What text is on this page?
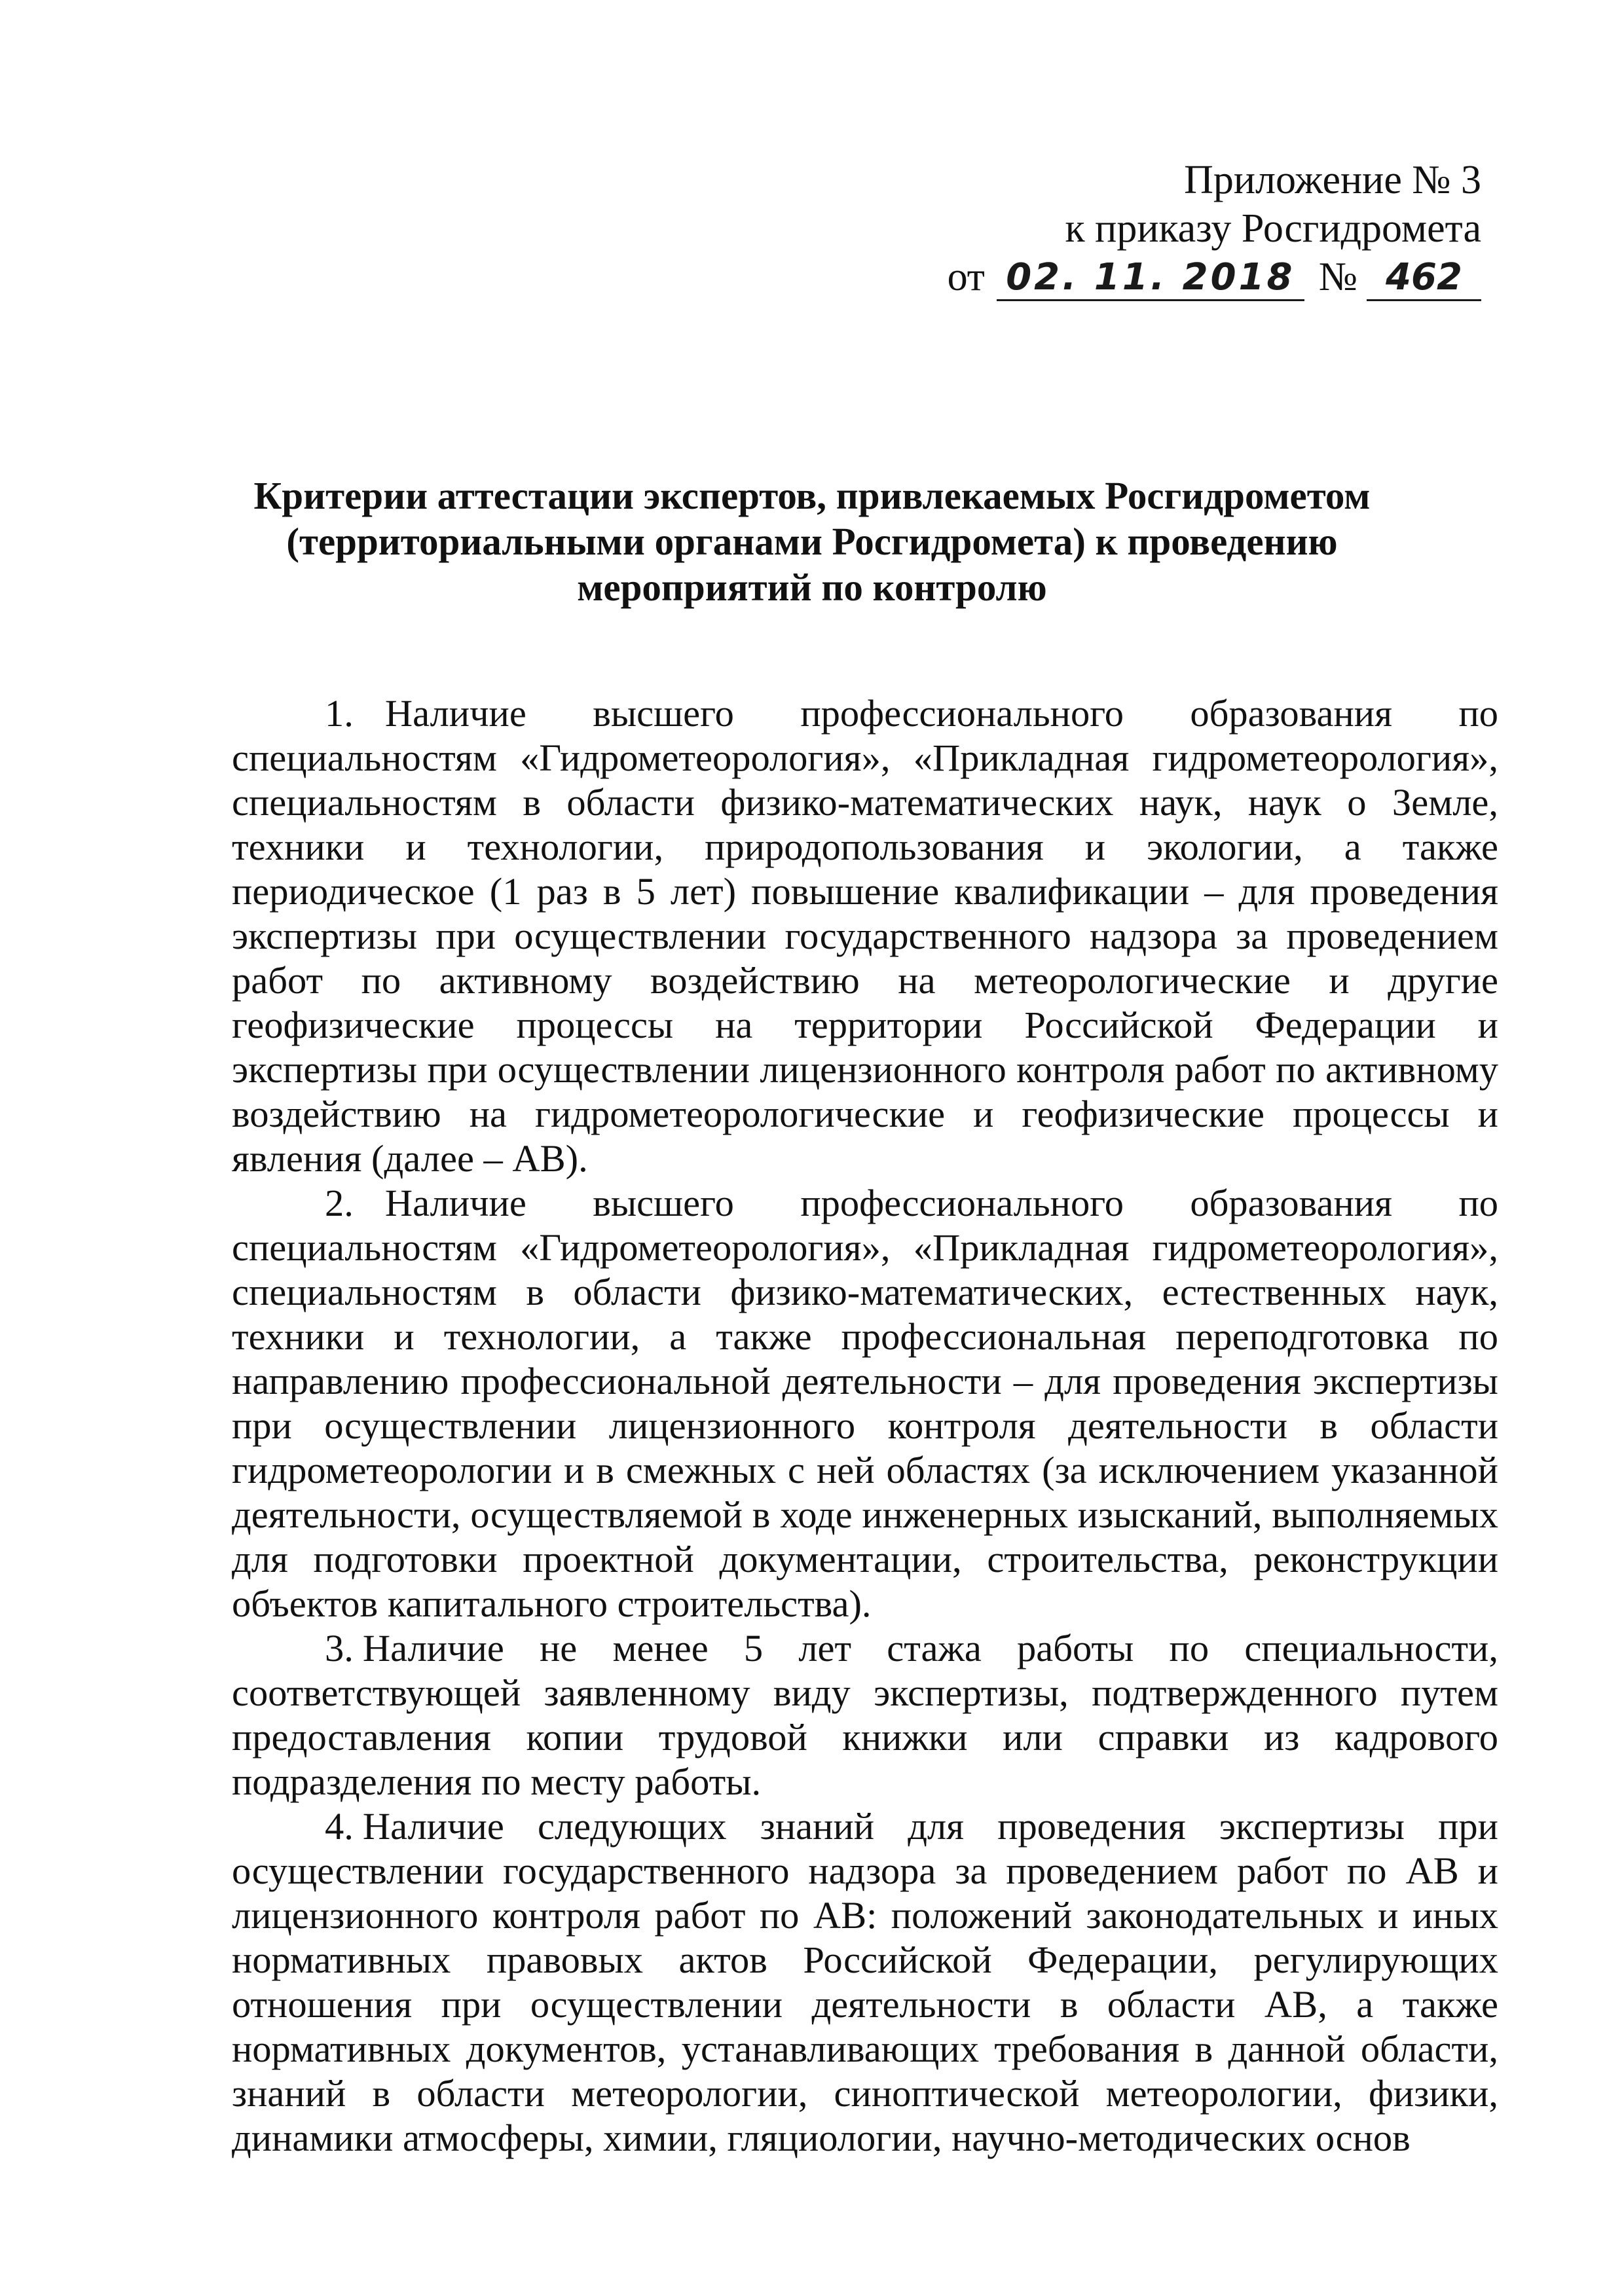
Приложение № 3
к приказу Росгидромета
от 02. 11. 2018 № 462
Критерии аттестации экспертов, привлекаемых Росгидрометом
(территориальными органами Росгидромета) к проведению
мероприятий по контролю

1. Наличие высшего профессионального образования по специальностям «Гидрометеорология», «Прикладная гидрометеорология», специальностям в области физико-математических наук, наук о Земле, техники и технологии, природопользования и экологии, а также периодическое (1 раз в 5 лет) повышение квалификации – для проведения экспертизы при осуществлении государственного надзора за проведением работ по активному воздействию на метеорологические и другие геофизические процессы на территории Российской Федерации и экспертизы при осуществлении лицензионного контроля работ по активному воздействию на гидрометеорологические и геофизические процессы и явления (далее – АВ).

2. Наличие высшего профессионального образования по специальностям «Гидрометеорология», «Прикладная гидрометеорология», специальностям в области физико-математических, естественных наук, техники и технологии, а также профессиональная переподготовка по направлению профессиональной деятельности – для проведения экспертизы при осуществлении лицензионного контроля деятельности в области гидрометеорологии и в смежных с ней областях (за исключением указанной деятельности, осуществляемой в ходе инженерных изысканий, выполняемых для подготовки проектной документации, строительства, реконструкции объектов капитального строительства).

3. Наличие не менее 5 лет стажа работы по специальности, соответствующей заявленному виду экспертизы, подтвержденного путем предоставления копии трудовой книжки или справки из кадрового подразделения по месту работы.

4. Наличие следующих знаний для проведения экспертизы при осуществлении государственного надзора за проведением работ по АВ и лицензионного контроля работ по АВ: положений законодательных и иных нормативных правовых актов Российской Федерации, регулирующих отношения при осуществлении деятельности в области АВ, а также нормативных документов, устанавливающих требования в данной области, знаний в области метеорологии, синоптической метеорологии, физики, динамики атмосферы, химии, гляциологии, научно-методических основ
